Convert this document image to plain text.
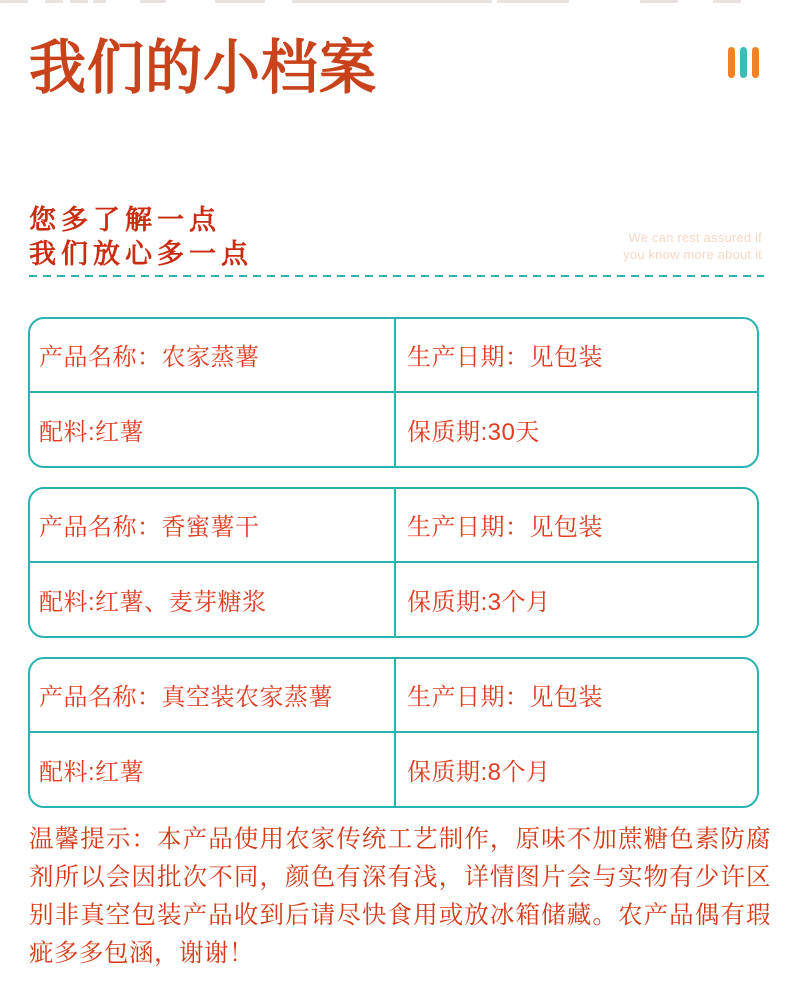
我们的小档案
您多了解一点
我们放心多一点
We can rest assured if
you know more about it
产品名称：农家蒸薯	生产日期：见包装
配料:红薯	保质期:30天
产品名称：香蜜薯干	生产日期：见包装
配料:红薯、麦芽糖浆	保质期:3个月
产品名称：真空装农家蒸薯	生产日期：见包装
配料:红薯	保质期:8个月
温馨提示：本产品使用农家传统工艺制作，原味不加蔗糖色素防腐剂所以会因批次不同，颜色有深有浅，详情图片会与实物有少许区别非真空包装产品收到后请尽快食用或放冰箱储藏。农产品偶有瑕疵多多包涵，谢谢！
